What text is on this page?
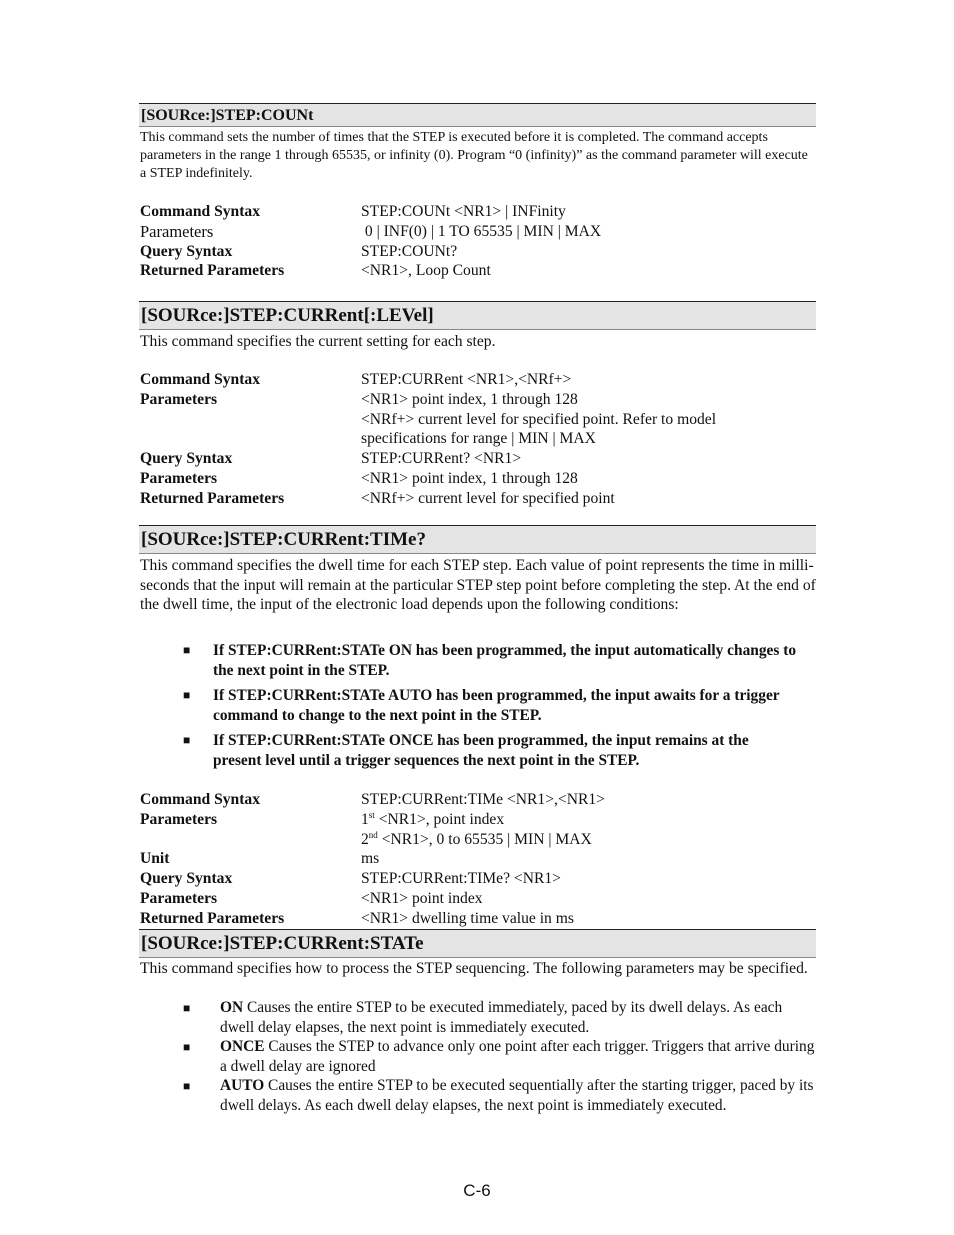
[SOURce:]STEP:COUNt
This command sets the number of times that the STEP is executed before it is completed. The command accepts parameters in the range 1 through 65535, or infinity (0). Program “0 (infinity)” as the command parameter will execute a STEP indefinitely.
Command Syntax	STEP:COUNt <NR1> | INFinity
Parameters	0 | INF(0) | 1 TO 65535 | MIN | MAX
Query Syntax	STEP:COUNt?
Returned Parameters	<NR1>, Loop Count
[SOURce:]STEP:CURRent[:LEVel]
This command specifies the current setting for each step.
Command Syntax	STEP:CURRent <NR1>,<NRf+>
Parameters	<NR1> point index, 1 through 128
<NRf+> current level for specified point. Refer to model
specifications for range | MIN | MAX
Query Syntax	STEP:CURRent? <NR1>
Parameters	<NR1> point index, 1 through 128
Returned Parameters	<NRf+> current level for specified point
[SOURce:]STEP:CURRent:TIMe?
This command specifies the dwell time for each STEP step. Each value of point represents the time in milli-seconds that the input will remain at the particular STEP step point before completing the step. At the end of the dwell time, the input of the electronic load depends upon the following conditions:
■	If STEP:CURRent:STATe ON has been programmed, the input automatically changes to the next point in the STEP.
■	If STEP:CURRent:STATe AUTO has been programmed, the input awaits for a trigger command to change to the next point in the STEP.
■	If STEP:CURRent:STATe ONCE has been programmed, the input remains at the present level until a trigger sequences the next point in the STEP.
Command Syntax	STEP:CURRent:TIMe <NR1>,<NR1>
Parameters	1st <NR1>, point index
2nd <NR1>, 0 to 65535 | MIN | MAX
Unit	ms
Query Syntax	STEP:CURRent:TIMe? <NR1>
Parameters	<NR1> point index
Returned Parameters	<NR1> dwelling time value in ms
[SOURce:]STEP:CURRent:STATe
This command specifies how to process the STEP sequencing. The following parameters may be specified.
■	ON Causes the entire STEP to be executed immediately, paced by its dwell delays. As each dwell delay elapses, the next point is immediately executed.
■	ONCE Causes the STEP to advance only one point after each trigger. Triggers that arrive during a dwell delay are ignored
■	AUTO Causes the entire STEP to be executed sequentially after the starting trigger, paced by its dwell delays. As each dwell delay elapses, the next point is immediately executed.
C-6
